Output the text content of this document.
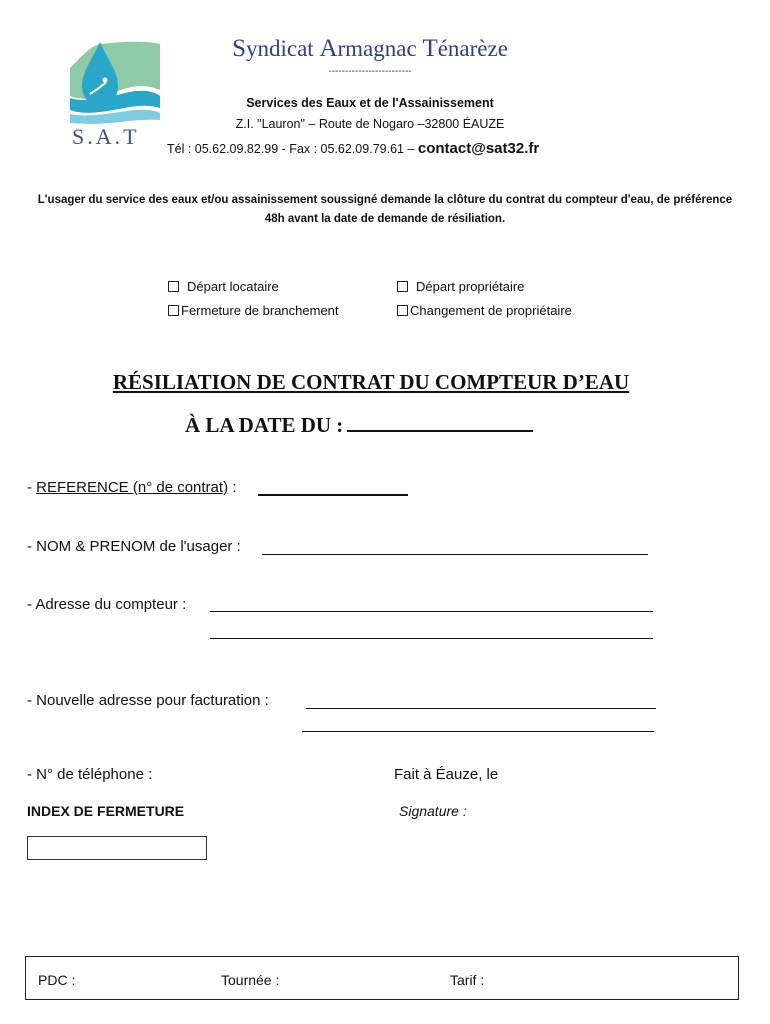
S.A.T
Syndicat Armagnac Ténarèze
-------------------------
Services des Eaux et de l'Assainissement
Z.I. "Lauron" – Route de Nogaro –32800 ÉAUZE
Tél : 05.62.09.82.99 - Fax : 05.62.09.79.61 – contact@sat32.fr
L'usager du service des eaux et/ou assainissement soussigné demande la clôture du contrat du compteur d'eau, de préférence 48h avant la date de demande de résiliation.
Départ locataire	Départ propriétaire
Fermeture de branchement	Changement de propriétaire
RÉSILIATION DE CONTRAT DU COMPTEUR D’EAU
À LA DATE DU :
- REFERENCE (n° de contrat) :
- NOM & PRENOM de l'usager :
- Adresse du compteur :
- Nouvelle adresse pour facturation :
- N° de téléphone :	Fait à Éauze, le
INDEX DE FERMETURE	Signature :
PDC :	Tournée :	Tarif :
